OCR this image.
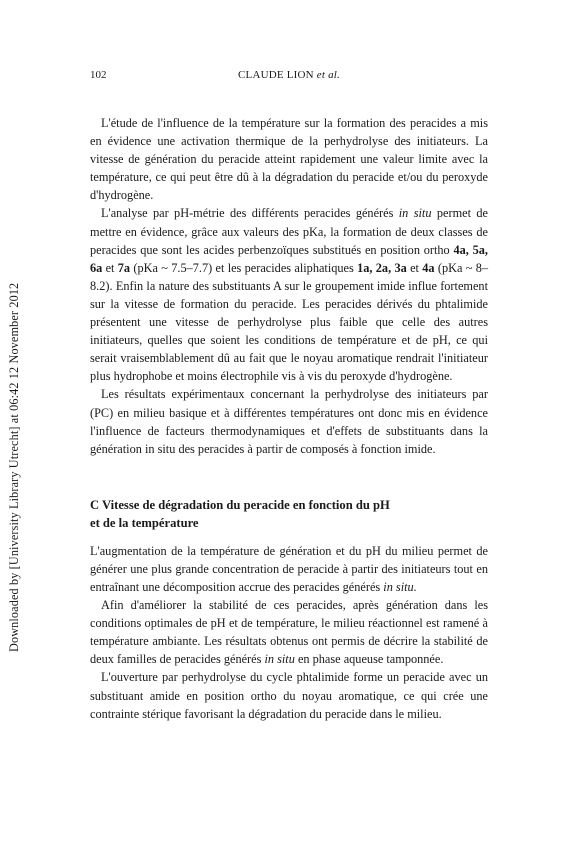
Downloaded by [University Library Utrecht] at 06:42 12 November 2012
102	CLAUDE LION et al.

L'étude de l'influence de la température sur la formation des peracides a mis en évidence une activation thermique de la perhydrolyse des initiateurs. La vitesse de génération du peracide atteint rapidement une valeur limite avec la température, ce qui peut être dû à la dégradation du peracide et/ou du peroxyde d'hydrogène.

L'analyse par pH-métrie des différents peracides générés in situ permet de mettre en évidence, grâce aux valeurs des pKa, la formation de deux classes de peracides que sont les acides perbenzoïques substitués en position ortho 4a, 5a, 6a et 7a (pKa ~ 7.5–7.7) et les peracides aliphatiques 1a, 2a, 3a et 4a (pKa ~ 8–8.2). Enfin la nature des substituants A sur le groupement imide influe fortement sur la vitesse de formation du peracide. Les peracides dérivés du phtalimide présentent une vitesse de perhydrolyse plus faible que celle des autres initiateurs, quelles que soient les conditions de température et de pH, ce qui serait vraisemblablement dû au fait que le noyau aromatique rendrait l'initiateur plus hydrophobe et moins électrophile vis à vis du peroxyde d'hydrogène.

Les résultats expérimentaux concernant la perhydrolyse des initiateurs par (PC) en milieu basique et à différentes températures ont donc mis en évidence l'influence de facteurs thermodynamiques et d'effets de substituants dans la génération in situ des peracides à partir de composés à fonction imide.

C Vitesse de dégradation du peracide en fonction du pH
et de la température

L'augmentation de la température de génération et du pH du milieu permet de générer une plus grande concentration de peracide à partir des initiateurs tout en entraînant une décomposition accrue des peracides générés in situ.

Afin d'améliorer la stabilité de ces peracides, après génération dans les conditions optimales de pH et de température, le milieu réactionnel est ramené à température ambiante. Les résultats obtenus ont permis de décrire la stabilité de deux familles de peracides générés in situ en phase aqueuse tamponnée.

L'ouverture par perhydrolyse du cycle phtalimide forme un peracide avec un substituant amide en position ortho du noyau aromatique, ce qui crée une contrainte stérique favorisant la dégradation du peracide dans le milieu.
